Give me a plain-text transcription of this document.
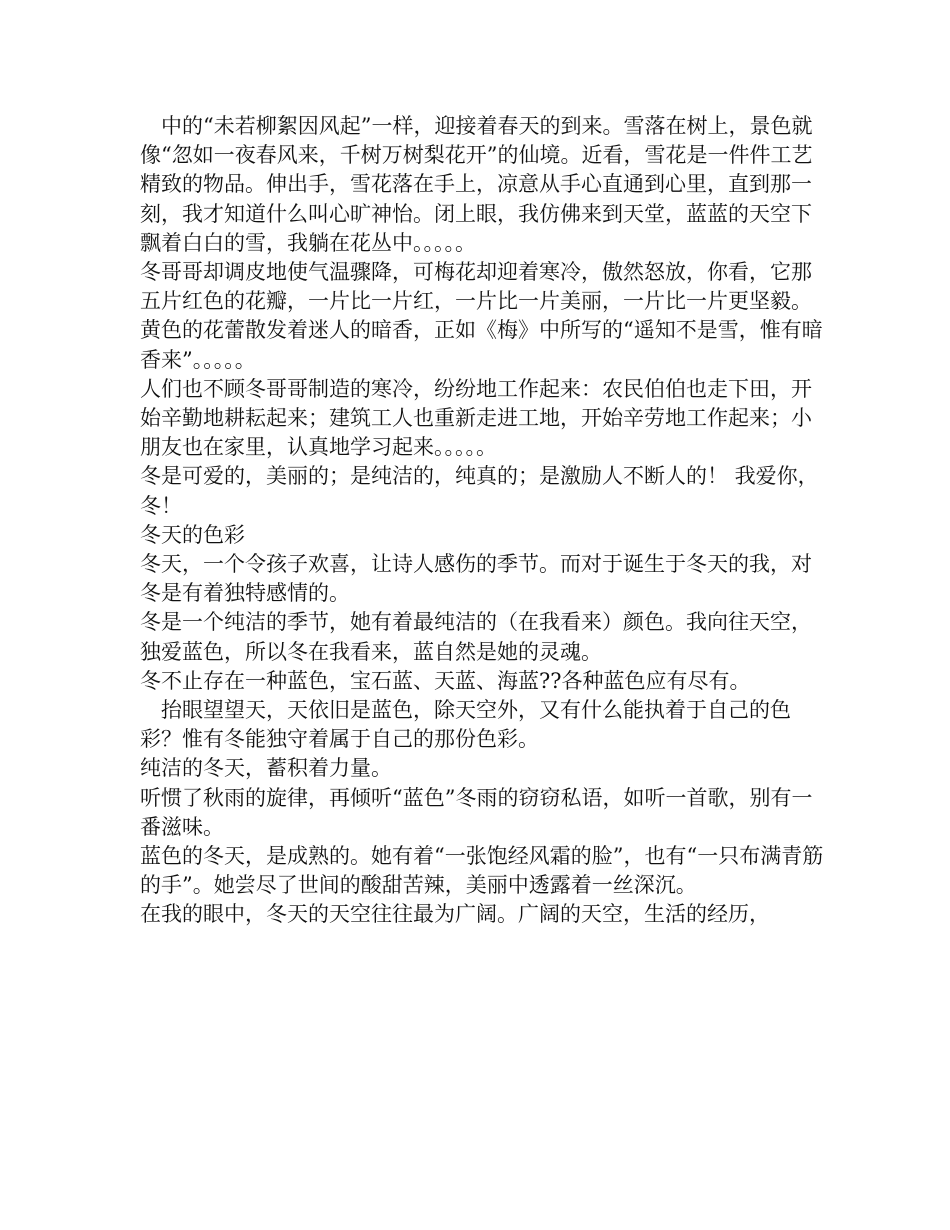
　中的“未若柳絮因风起”一样，迎接着春天的到来。雪落在树上，景色就像“忽如一夜春风来，千树万树梨花开”的仙境。近看，雪花是一件件工艺精致的物品。伸出手，雪花落在手上，凉意从手心直通到心里，直到那一刻，我才知道什么叫心旷神怡。闭上眼，我仿佛来到天堂，蓝蓝的天空下飘着白白的雪，我躺在花丛中。。。。。

冬哥哥却调皮地使气温骤降，可梅花却迎着寒冷，傲然怒放，你看，它那五片红色的花瓣，一片比一片红，一片比一片美丽，一片比一片更坚毅。黄色的花蕾散发着迷人的暗香，正如《梅》中所写的“遥知不是雪，惟有暗香来”。。。。。

人们也不顾冬哥哥制造的寒冷，纷纷地工作起来：农民伯伯也走下田，开始辛勤地耕耘起来；建筑工人也重新走进工地，开始辛劳地工作起来；小朋友也在家里，认真地学习起来。。。。。

冬是可爱的，美丽的；是纯洁的，纯真的；是激励人不断人的！ 我爱你，冬！

冬天的色彩

冬天，一个令孩子欢喜，让诗人感伤的季节。而对于诞生于冬天的我，对冬是有着独特感情的。

冬是一个纯洁的季节，她有着最纯洁的（在我看来）颜色。我向往天空，独爱蓝色，所以冬在我看来，蓝自然是她的灵魂。

冬不止存在一种蓝色，宝石蓝、天蓝、海蓝??各种蓝色应有尽有。

　抬眼望望天，天依旧是蓝色，除天空外，又有什么能执着于自己的色彩？惟有冬能独守着属于自己的那份色彩。

纯洁的冬天，蓄积着力量。

听惯了秋雨的旋律，再倾听“蓝色”冬雨的窃窃私语，如听一首歌，别有一番滋味。

蓝色的冬天，是成熟的。她有着“一张饱经风霜的脸”，也有“一只布满青筋的手”。她尝尽了世间的酸甜苦辣，美丽中透露着一丝深沉。

在我的眼中，冬天的天空往往最为广阔。广阔的天空，生活的经历，
